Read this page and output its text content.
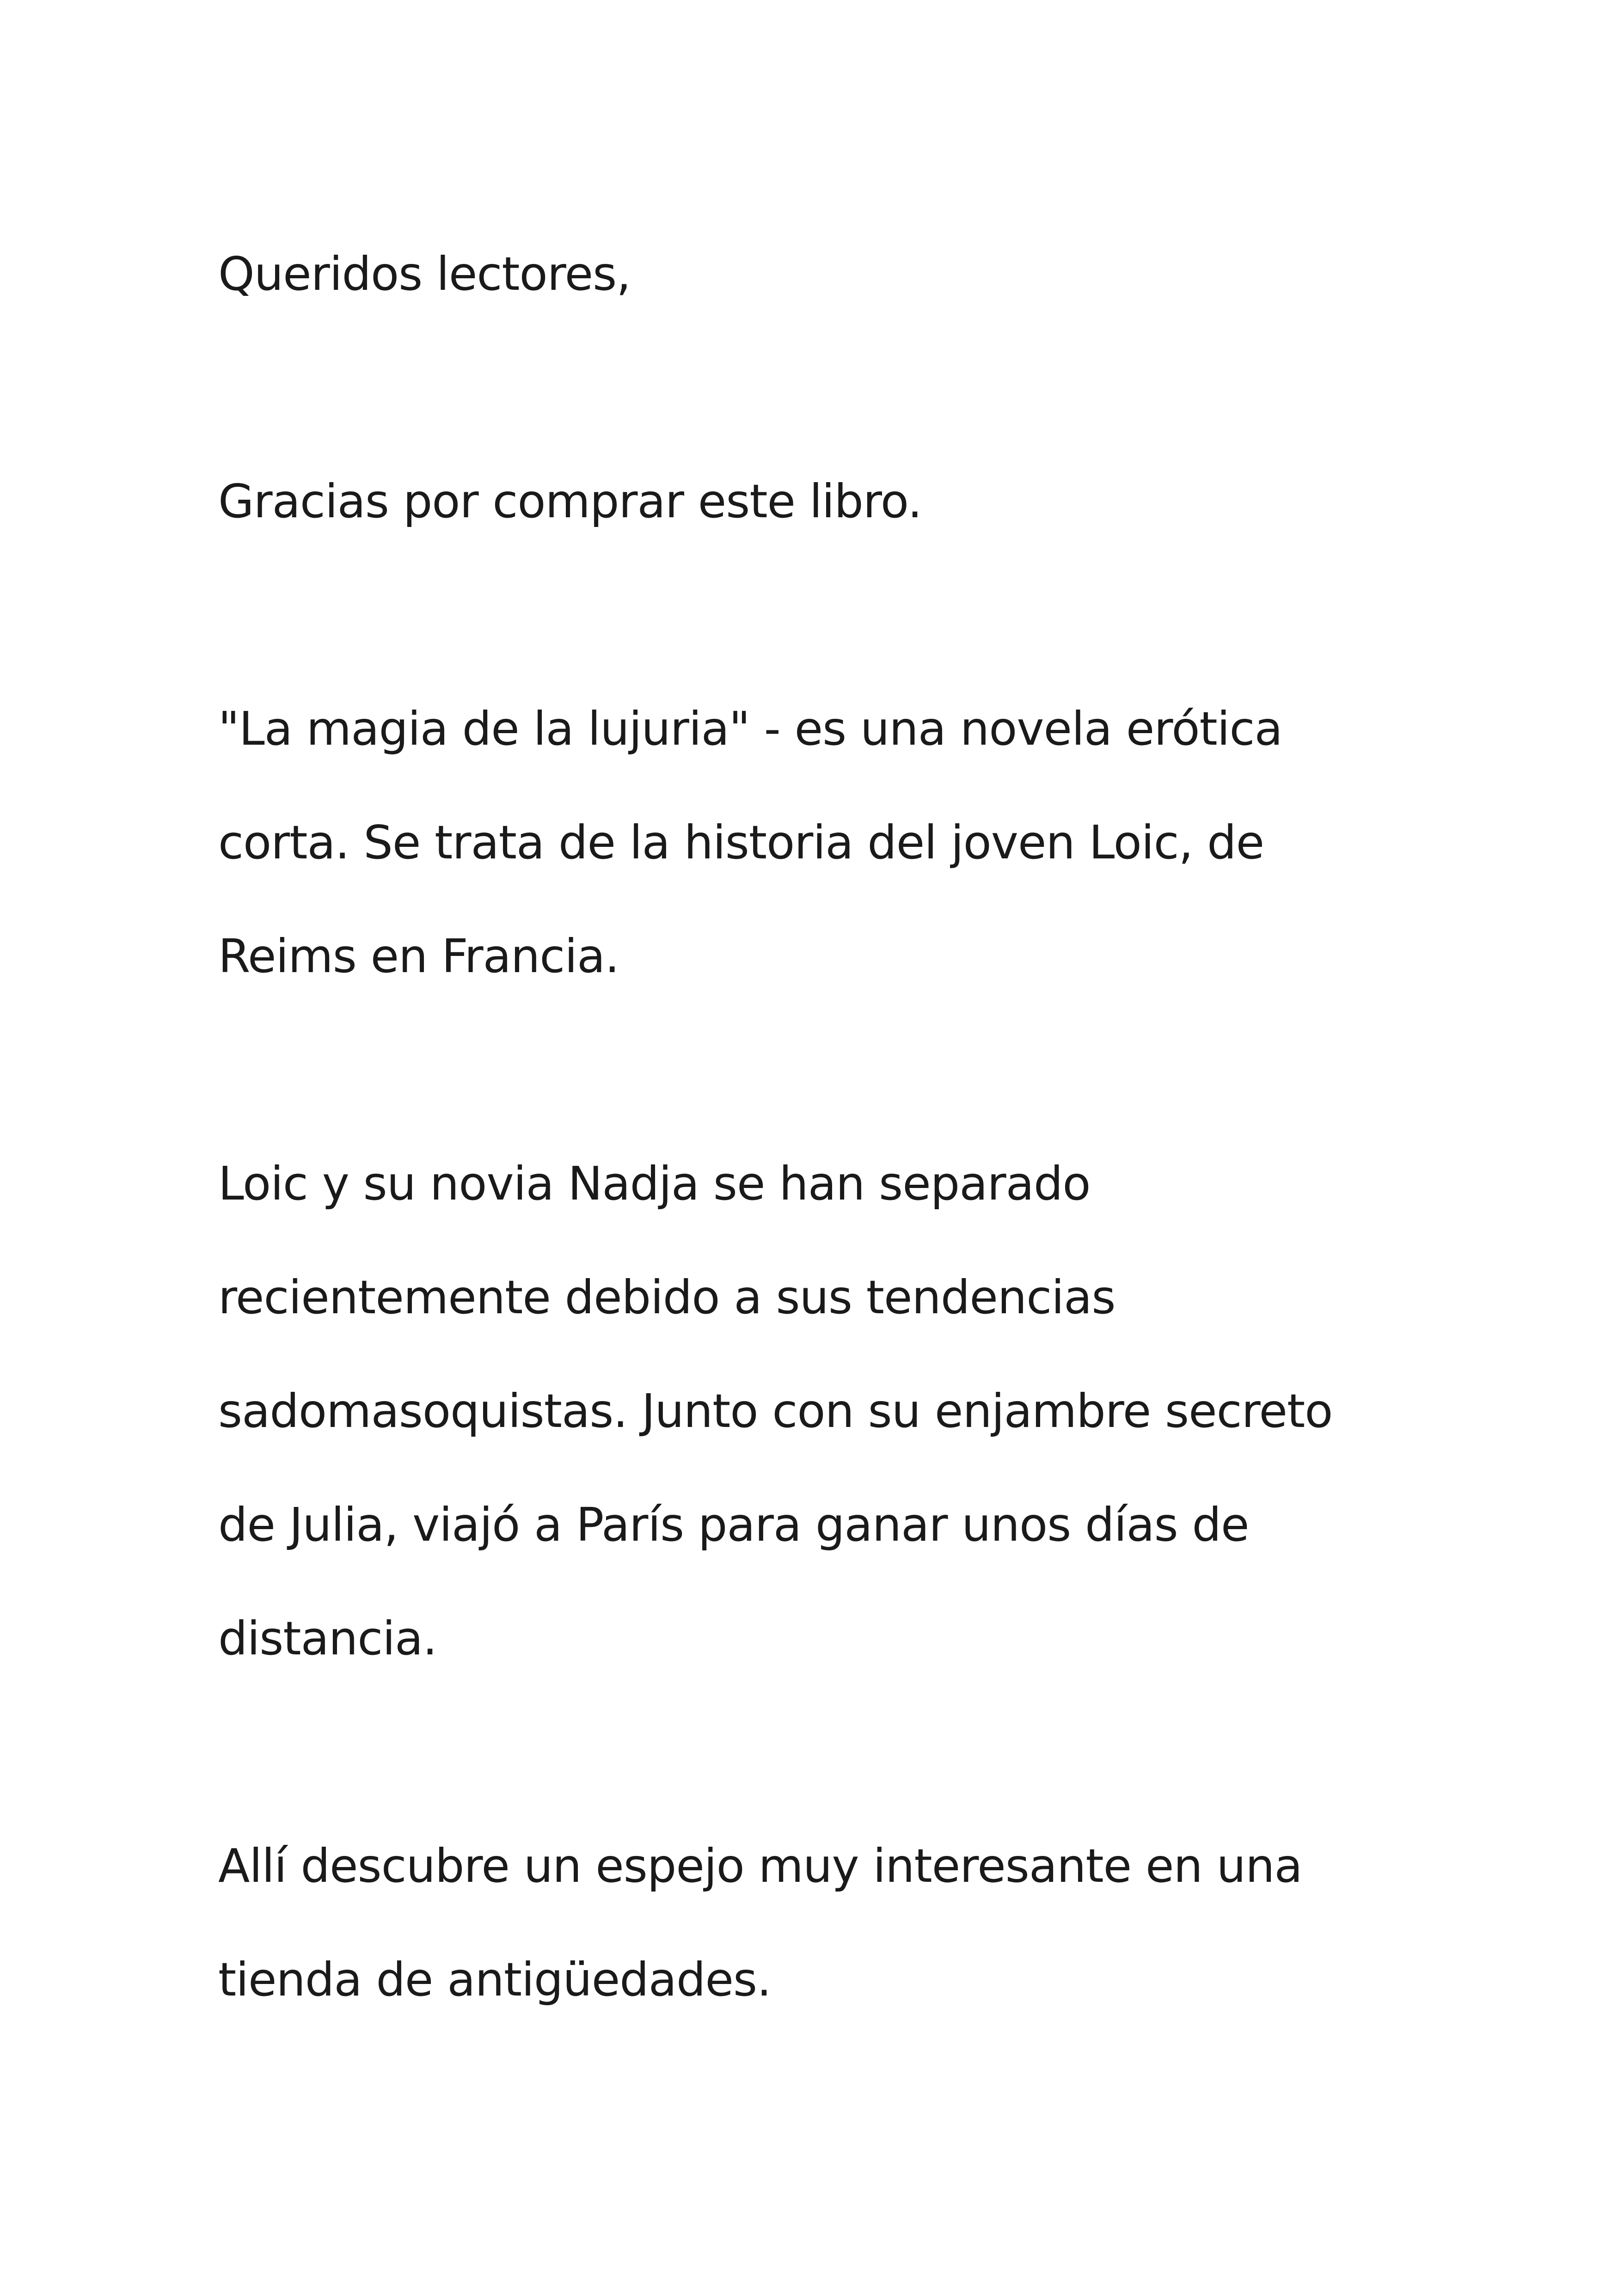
Queridos lectores,

Gracias por comprar este libro.

"La magia de la lujuria" - es una novela erótica
corta. Se trata de la historia del joven Loic, de
Reims en Francia.

Loic y su novia Nadja se han separado
recientemente debido a sus tendencias
sadomasoquistas. Junto con su enjambre secreto
de Julia, viajó a París para ganar unos días de
distancia.

Allí descubre un espejo muy interesante en una
tienda de antigüedades.
